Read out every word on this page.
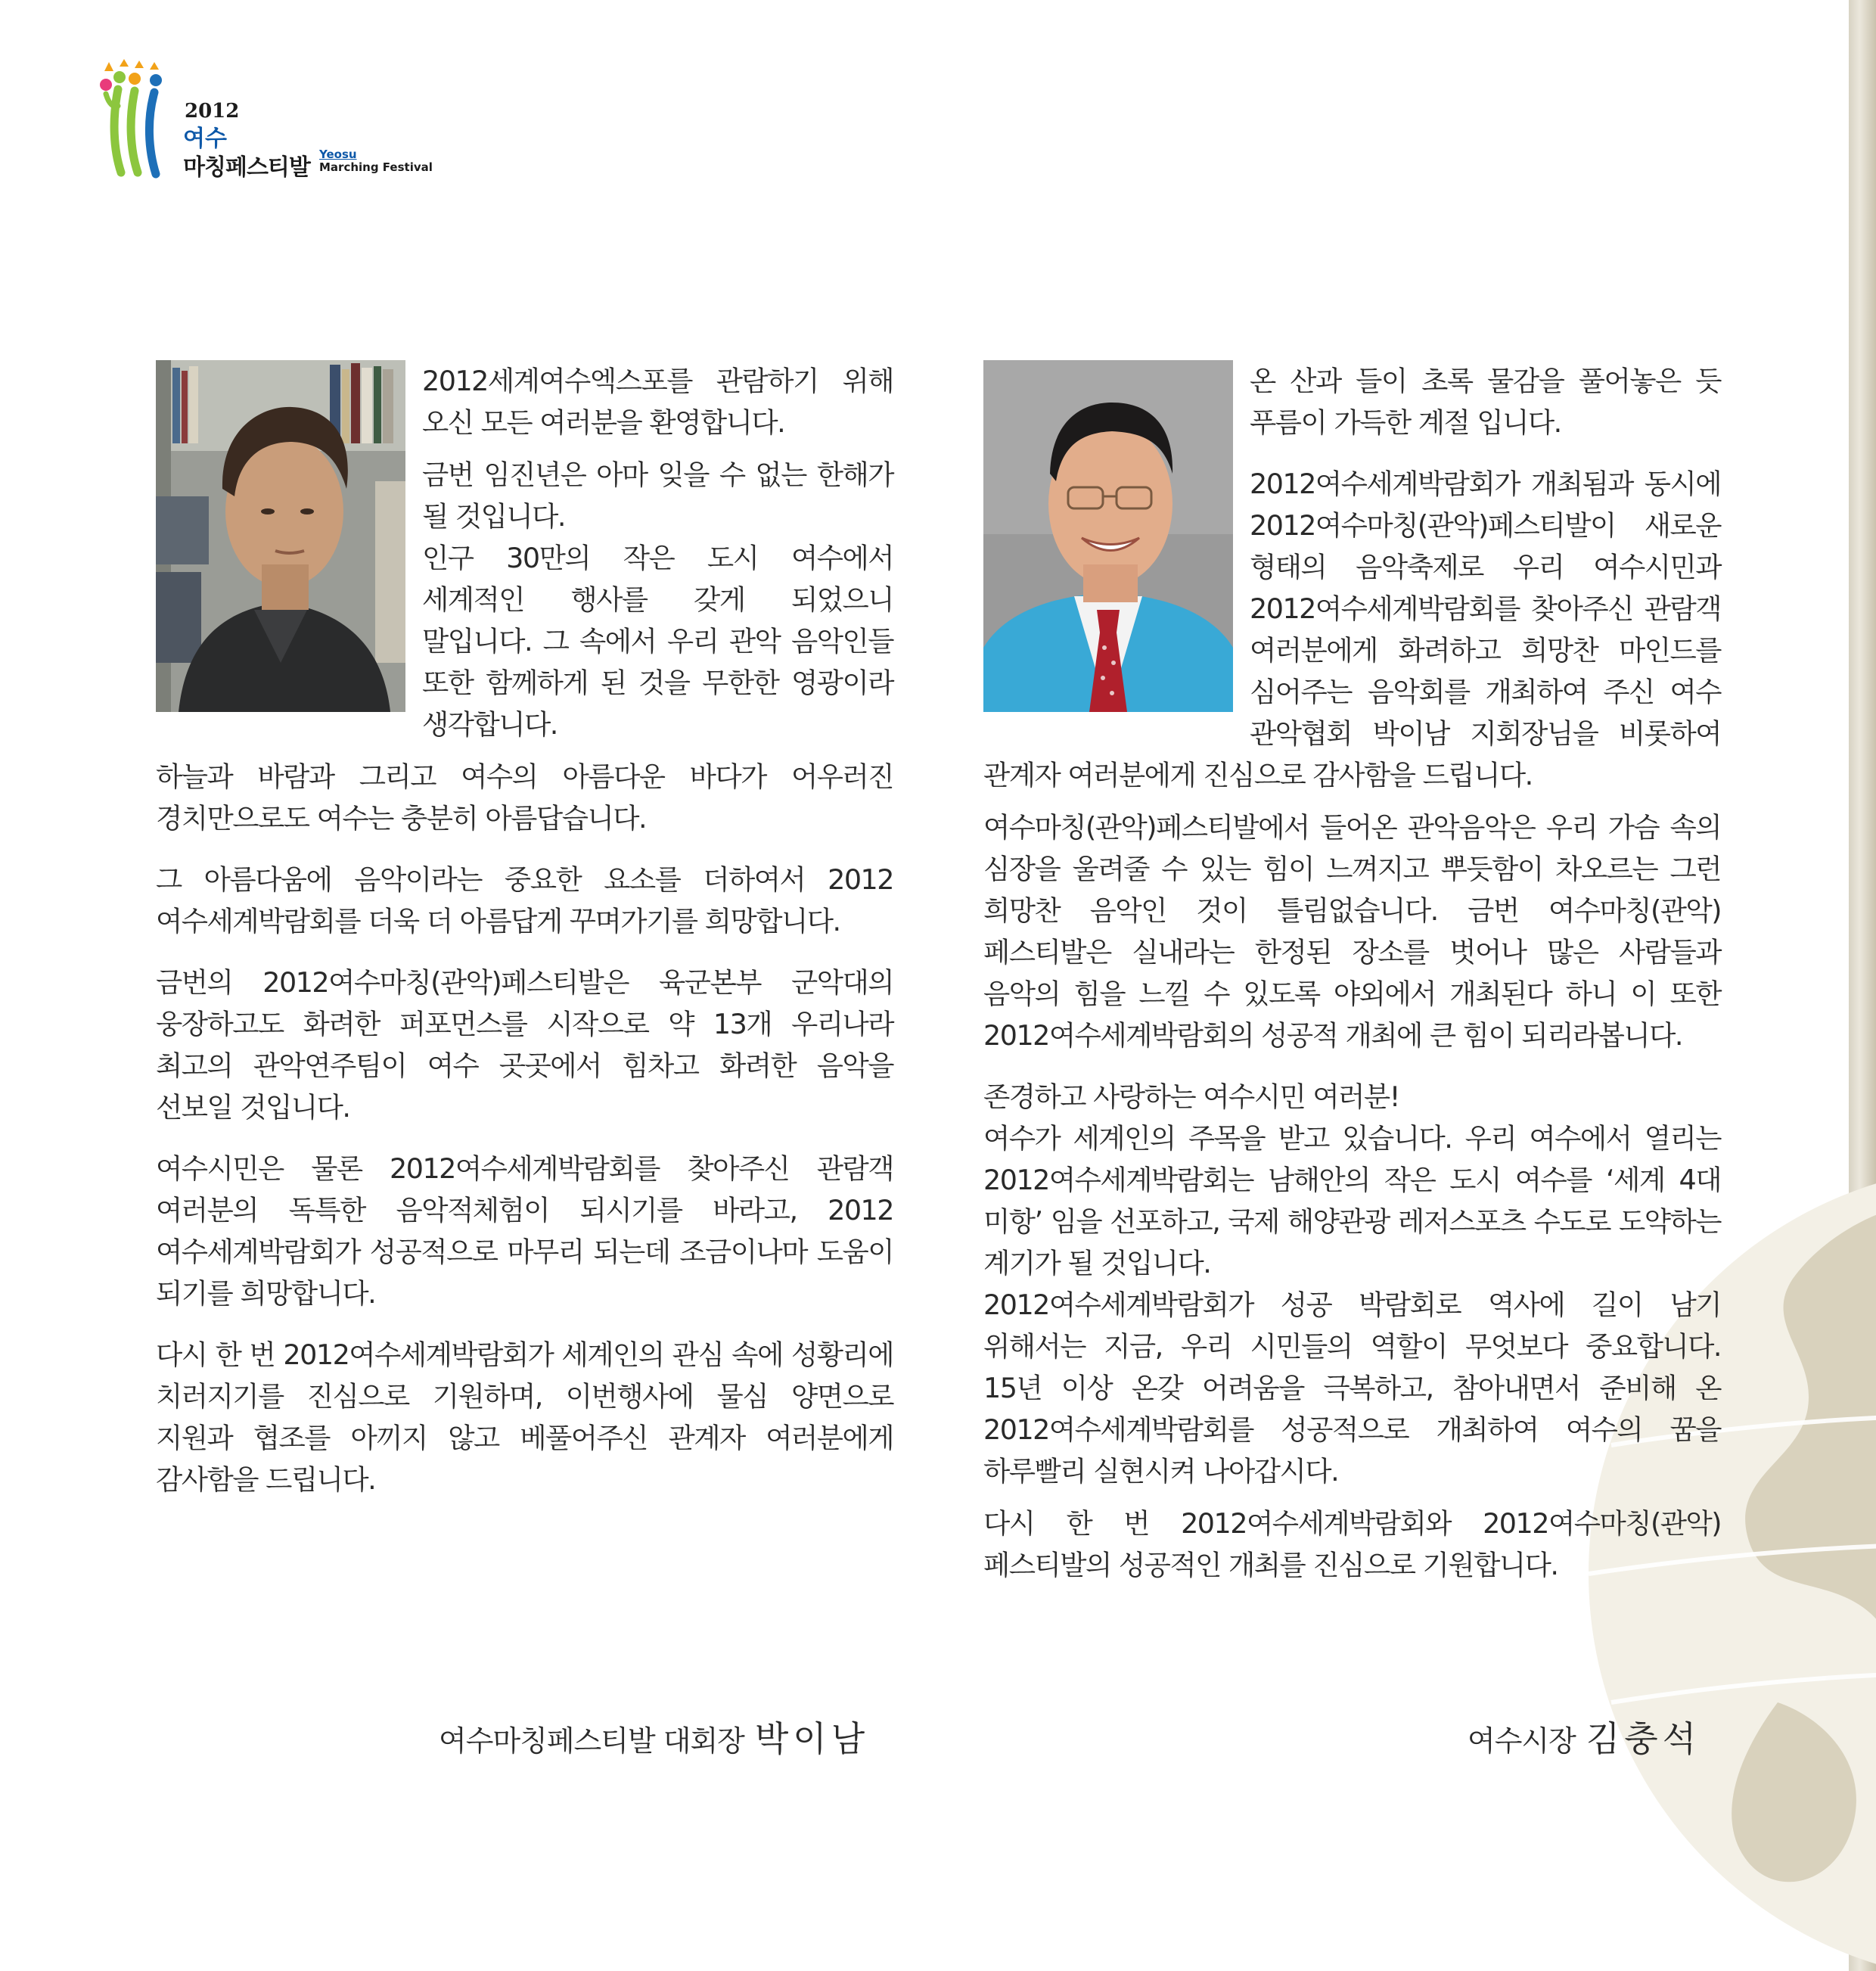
2012
여수
마칭페스티발 Yeosu
Marching Festival

2012세계여수엑스포를 관람하기 위해 오신 모든 여러분을 환영합니다.

금번 임진년은 아마 잊을 수 없는 한해가 될 것입니다.

인구 30만의 작은 도시 여수에서 세계적인 행사를 갖게 되었으니 말입니다. 그 속에서 우리 관악 음악인들 또한 함께하게 된 것을 무한한 영광이라 생각합니다.

하늘과 바람과 그리고 여수의 아름다운 바다가 어우러진 경치만으로도 여수는 충분히 아름답습니다.

그 아름다움에 음악이라는 중요한 요소를 더하여서 2012 여수세계박람회를 더욱 더 아름답게 꾸며가기를 희망합니다.

금번의 2012여수마칭(관악)페스티발은 육군본부 군악대의 웅장하고도 화려한 퍼포먼스를 시작으로 약 13개 우리나라 최고의 관악연주팀이 여수 곳곳에서 힘차고 화려한 음악을 선보일 것입니다.

여수시민은 물론 2012여수세계박람회를 찾아주신 관람객 여러분의 독특한 음악적체험이 되시기를 바라고, 2012 여수세계박람회가 성공적으로 마무리 되는데 조금이나마 도움이 되기를 희망합니다.

다시 한 번 2012여수세계박람회가 세계인의 관심 속에 성황리에 치러지기를 진심으로 기원하며, 이번행사에 물심 양면으로 지원과 협조를 아끼지 않고 베풀어주신 관계자 여러분에게 감사함을 드립니다.

온 산과 들이 초록 물감을 풀어놓은 듯 푸름이 가득한 계절 입니다.

2012여수세계박람회가 개최됨과 동시에 2012여수마칭(관악)페스티발이 새로운 형태의 음악축제로 우리 여수시민과 2012여수세계박람회를 찾아주신 관람객 여러분에게 화려하고 희망찬 마인드를 심어주는 음악회를 개최하여 주신 여수 관악협회 박이남 지회장님을 비롯하여 관계자 여러분에게 진심으로 감사함을 드립니다.

여수마칭(관악)페스티발에서 들어온 관악음악은 우리 가슴 속의 심장을 울려줄 수 있는 힘이 느껴지고 뿌듯함이 차오르는 그런 희망찬 음악인 것이 틀림없습니다. 금번 여수마칭(관악)페스티발은 실내라는 한정된 장소를 벗어나 많은 사람들과 음악의 힘을 느낄 수 있도록 야외에서 개최된다 하니 이 또한 2012여수세계박람회의 성공적 개최에 큰 힘이 되리라봅니다.

존경하고 사랑하는 여수시민 여러분!

여수가 세계인의 주목을 받고 있습니다. 우리 여수에서 열리는 2012여수세계박람회는 남해안의 작은 도시 여수를 ‘세계 4대 미항’ 임을 선포하고, 국제 해양관광 레저스포츠 수도로 도약하는 계기가 될 것입니다.

2012여수세계박람회가 성공 박람회로 역사에 길이 남기 위해서는 지금, 우리 시민들의 역할이 무엇보다 중요합니다. 15년 이상 온갖 어려움을 극복하고, 참아내면서 준비해 온 2012여수세계박람회를 성공적으로 개최하여 여수의 꿈을 하루빨리 실현시켜 나아갑시다.

다시 한 번 2012여수세계박람회와 2012여수마칭(관악)페스티발의 성공적인 개최를 진심으로 기원합니다.

여수마칭페스티발 대회장 박이남	여수시장 김충석
